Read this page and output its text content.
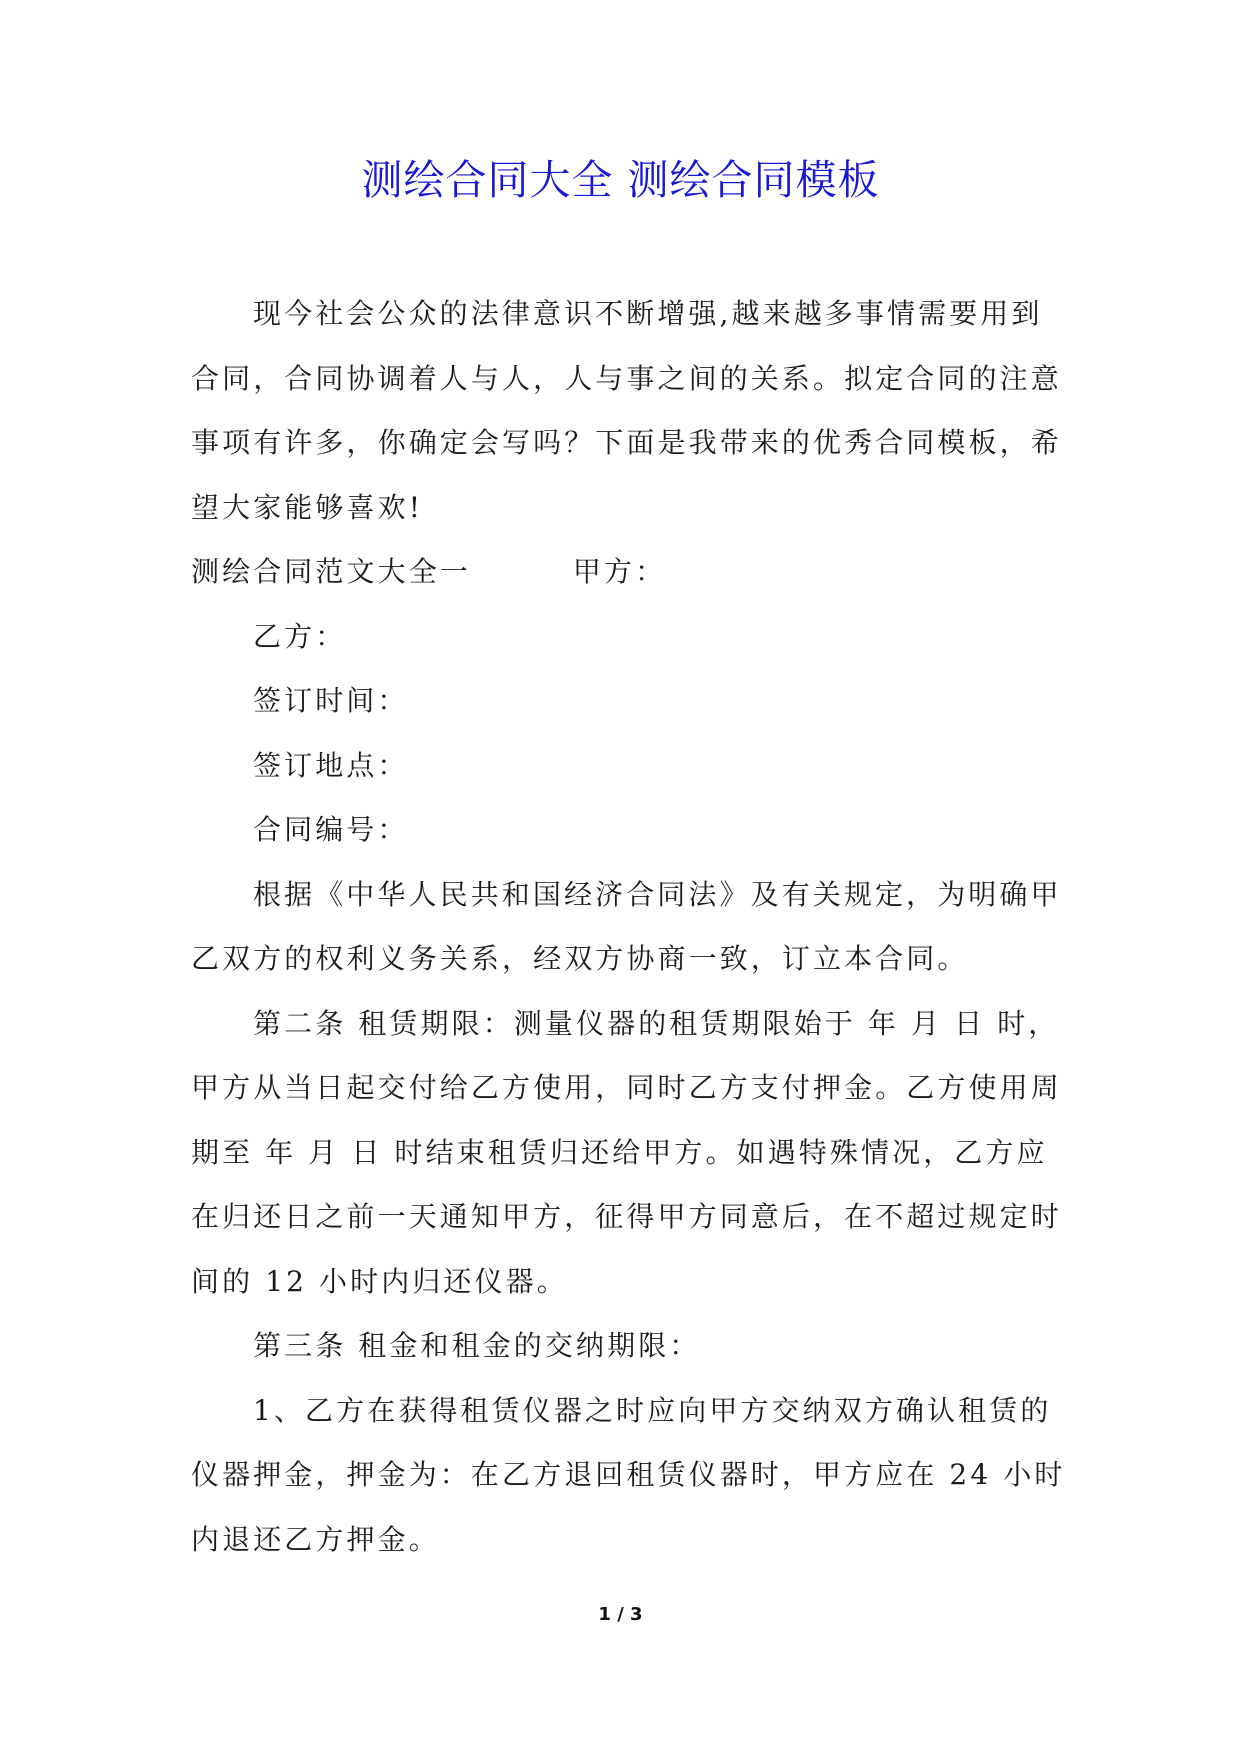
测绘合同大全 测绘合同模板
现今社会公众的法律意识不断增强,越来越多事情需要用到
合同，合同协调着人与人，人与事之间的关系。拟定合同的注意
事项有许多，你确定会写吗？下面是我带来的优秀合同模板，希
望大家能够喜欢!
测绘合同范文大全一	甲方：
乙方：
签订时间：
签订地点：
合同编号：
根据《中华人民共和国经济合同法》及有关规定，为明确甲
乙双方的权利义务关系，经双方协商一致，订立本合同。
第二条 租赁期限：测量仪器的租赁期限始于 年 月 日 时，
甲方从当日起交付给乙方使用，同时乙方支付押金。乙方使用周
期至 年 月 日 时结束租赁归还给甲方。如遇特殊情况，乙方应
在归还日之前一天通知甲方，征得甲方同意后，在不超过规定时
间的 12 小时内归还仪器。
第三条 租金和租金的交纳期限：
1、乙方在获得租赁仪器之时应向甲方交纳双方确认租赁的
仪器押金，押金为：在乙方退回租赁仪器时，甲方应在 24 小时
内退还乙方押金。
1 / 3
